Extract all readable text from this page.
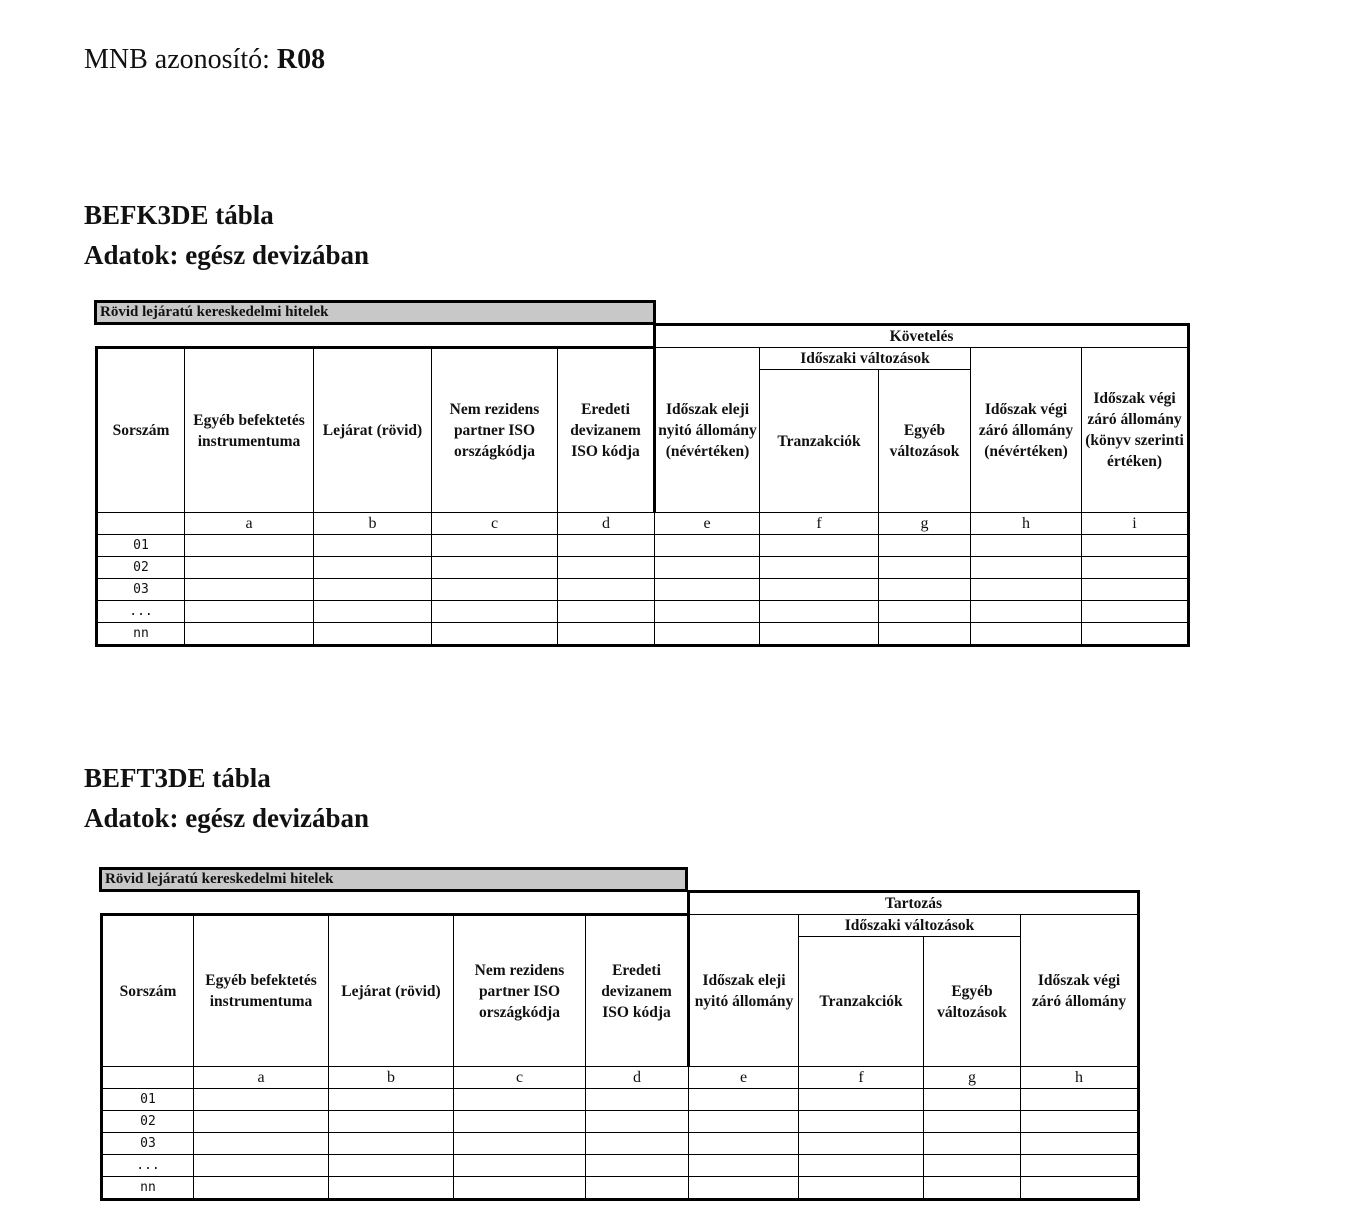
MNB azonosító: R08
BEFK3DE tábla
Adatok: egész devizában
Rövid lejáratú kereskedelmi hitelek
					Követelés				
Sorszám	Egyéb befektetés instrumentuma	Lejárat (rövid)	Nem rezidens partner ISO országkódja	Eredeti devizanem ISO kódja	Időszak eleji nyitó állomány (névértéken)	Időszaki változások		Időszak végi záró állomány (névértéken)	Időszak végi záró állomány (könyv szerinti értéken)
						Tranzakciók	Egyéb változások		
	a	b	c	d	e	f	g	h	i
01									
02									
03									
...									
nn									
BEFT3DE tábla
Adatok: egész devizában
Rövid lejáratú kereskedelmi hitelek
					Tartozás			
Sorszám	Egyéb befektetés instrumentuma	Lejárat (rövid)	Nem rezidens partner ISO országkódja	Eredeti devizanem ISO kódja	Időszak eleji nyitó állomány	Időszaki változások		Időszak végi záró állomány
						Tranzakciók	Egyéb változások	
	a	b	c	d	e	f	g	h
01								
02								
03								
...								
nn								
